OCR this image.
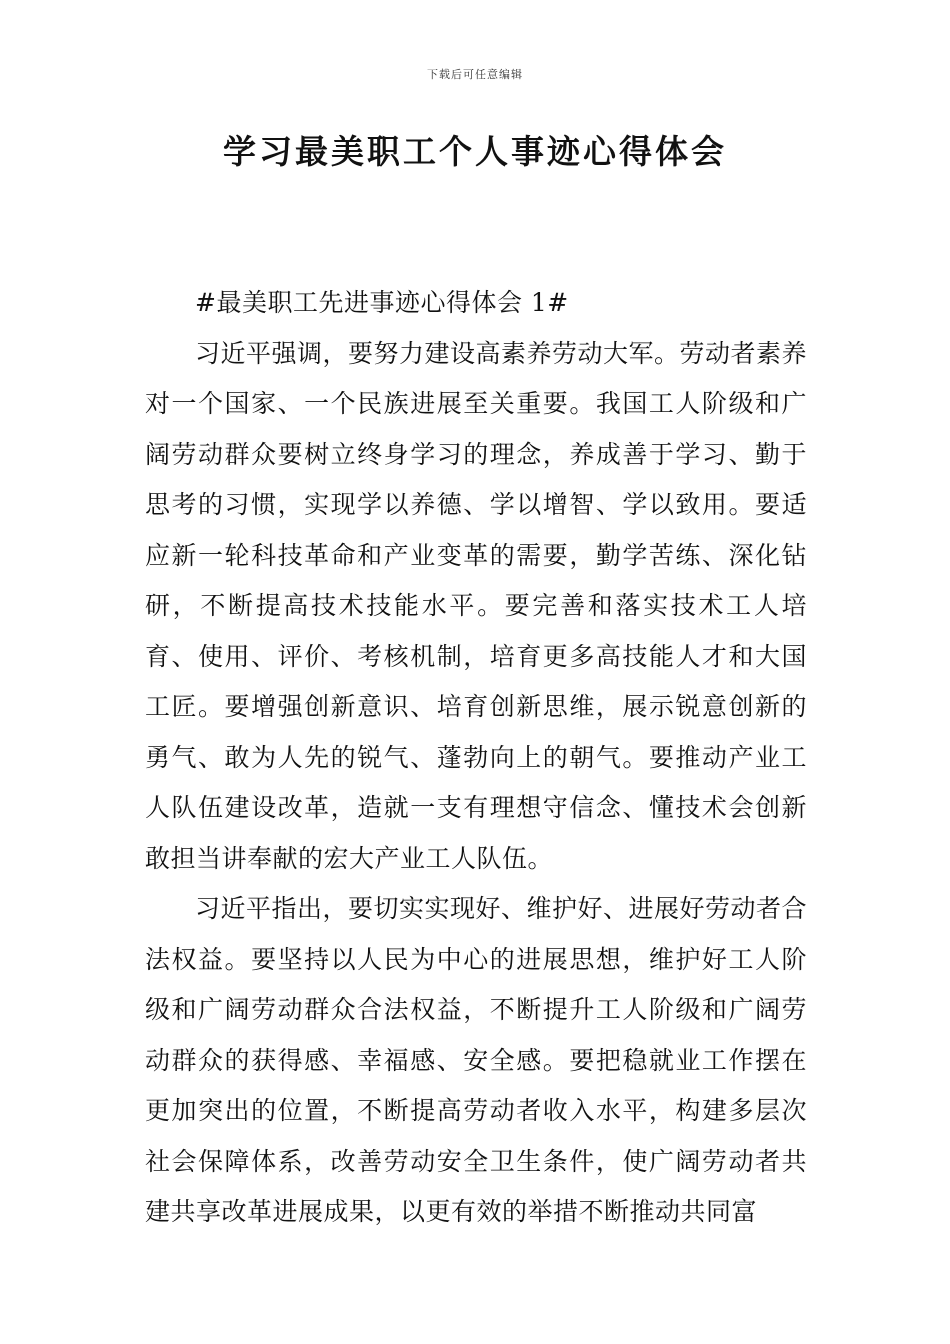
下载后可任意编辑
学习最美职工个人事迹心得体会

#最美职工先进事迹心得体会 1#

习近平强调，要努力建设高素养劳动大军。劳动者素养对一个国家、一个民族进展至关重要。我国工人阶级和广阔劳动群众要树立终身学习的理念，养成善于学习、勤于思考的习惯，实现学以养德、学以增智、学以致用。要适应新一轮科技革命和产业变革的需要，勤学苦练、深化钻研，不断提高技术技能水平。要完善和落实技术工人培育、使用、评价、考核机制，培育更多高技能人才和大国工匠。要增强创新意识、培育创新思维，展示锐意创新的勇气、敢为人先的锐气、蓬勃向上的朝气。要推动产业工人队伍建设改革，造就一支有理想守信念、懂技术会创新敢担当讲奉献的宏大产业工人队伍。

习近平指出，要切实实现好、维护好、进展好劳动者合法权益。要坚持以人民为中心的进展思想，维护好工人阶级和广阔劳动群众合法权益，不断提升工人阶级和广阔劳动群众的获得感、幸福感、安全感。要把稳就业工作摆在更加突出的位置，不断提高劳动者收入水平，构建多层次社会保障体系，改善劳动安全卫生条件，使广阔劳动者共建共享改革进展成果，以更有效的举措不断推动共同富
